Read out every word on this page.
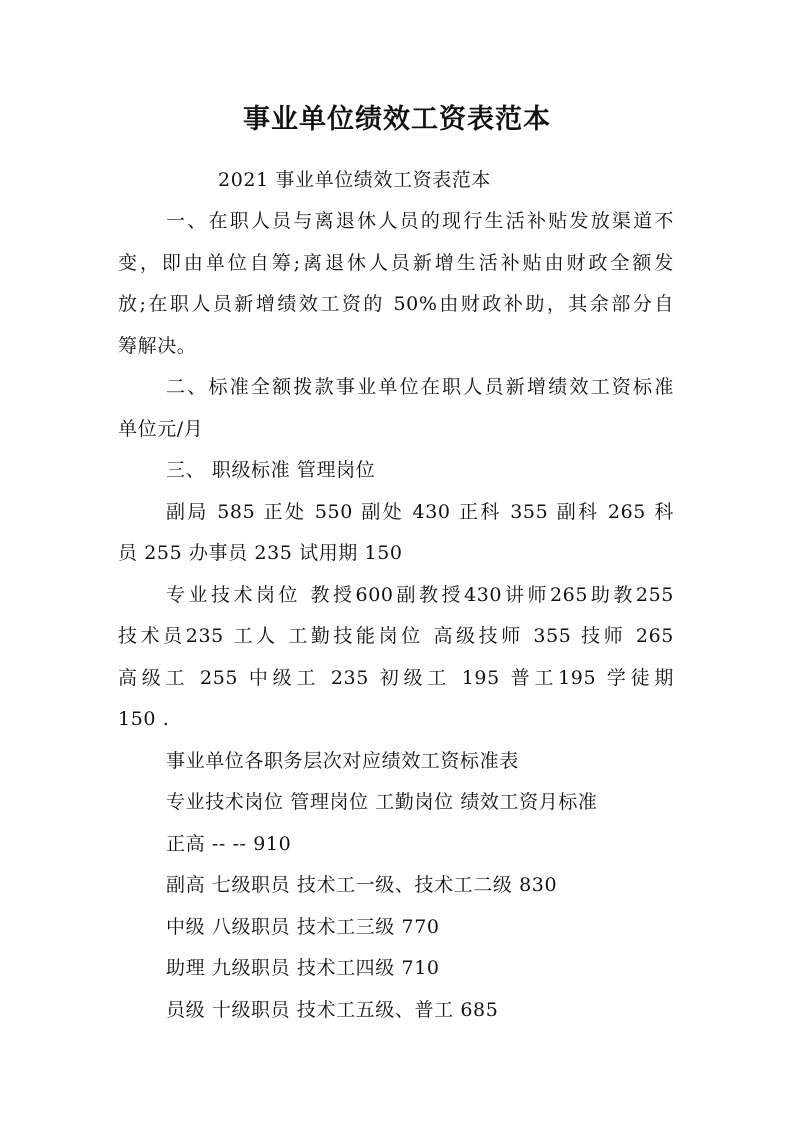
事业单位绩效工资表范本

2021 事业单位绩效工资表范本

一、在职人员与离退休人员的现行生活补贴发放渠道不

变，即由单位自筹;离退休人员新增生活补贴由财政全额发

放;在职人员新增绩效工资的 50%由财政补助，其余部分自

筹解决。

二、标准全额拨款事业单位在职人员新增绩效工资标准

单位元/月

三、 职级标准 管理岗位

副局 585 正处 550 副处 430 正科 355 副科 265 科

员 255 办事员 235 试用期 150

专业技术岗位 教授600副教授430讲师265助教255

技术员235 工人 工勤技能岗位 高级技师 355 技师 265

高级工 255 中级工 235 初级工 195 普工195 学徒期

150 .

事业单位各职务层次对应绩效工资标准表

专业技术岗位 管理岗位 工勤岗位 绩效工资月标准

正高 -- -- 910

副高 七级职员 技术工一级、技术工二级 830

中级 八级职员 技术工三级 770

助理 九级职员 技术工四级 710

员级 十级职员 技术工五级、普工 685
